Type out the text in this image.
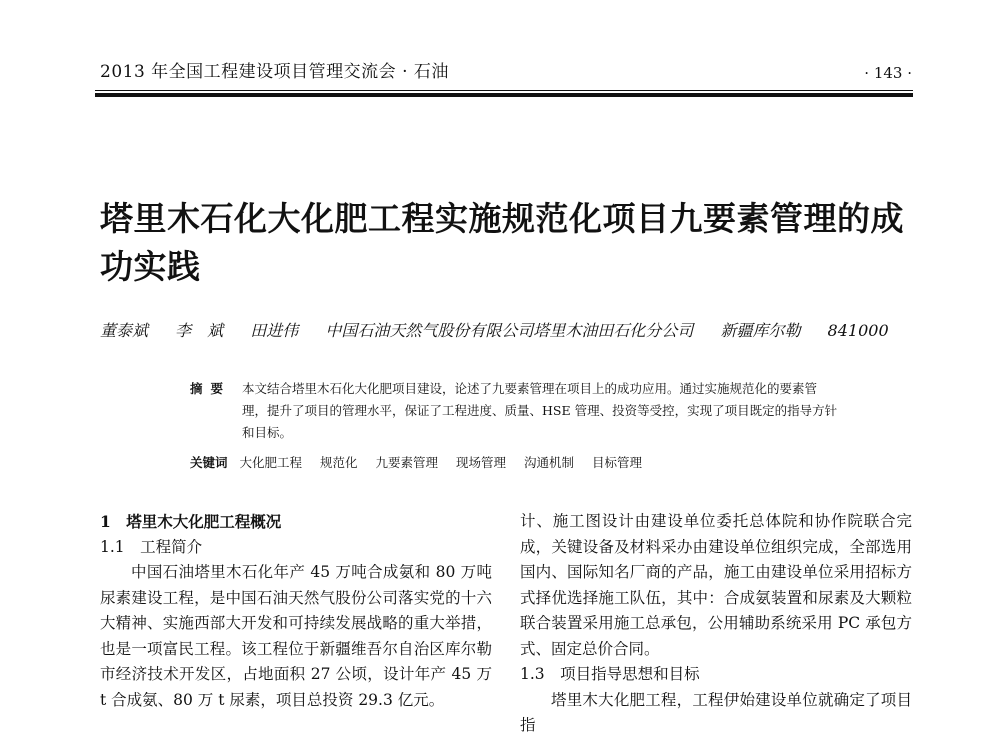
2013 年全国工程建设项目管理交流会 · 石油	· 143 ·
塔里木石化大化肥工程实施规范化项目九要素管理的成功实践
董泰斌 李　斌 田进伟 中国石油天然气股份有限公司塔里木油田石化分公司 新疆库尔勒 841000
摘要 本文结合塔里木石化大化肥项目建设，论述了九要素管理在项目上的成功应用。通过实施规范化的要素管理，提升了项目的管理水平，保证了工程进度、质量、HSE 管理、投资等受控，实现了项目既定的指导方针和目标。
关键词 大化肥工程 规范化 九要素管理 现场管理 沟通机制 目标管理
1　塔里木大化肥工程概况
1.1　工程简介

中国石油塔里木石化年产 45 万吨合成氨和 80 万吨尿素建设工程，是中国石油天然气股份公司落实党的十六大精神、实施西部大开发和可持续发展战略的重大举措，也是一项富民工程。该工程位于新疆维吾尔自治区库尔勒市经济技术开发区，占地面积 27 公顷，设计年产 45 万 t 合成氨、80 万 t 尿素，项目总投资 29.3 亿元。

计、施工图设计由建设单位委托总体院和协作院联合完成，关键设备及材料采办由建设单位组织完成，全部选用国内、国际知名厂商的产品，施工由建设单位采用招标方式择优选择施工队伍，其中：合成氨装置和尿素及大颗粒联合装置采用施工总承包，公用辅助系统采用 PC 承包方式、固定总价合同。

1.3　项目指导思想和目标

塔里木大化肥工程，工程伊始建设单位就确定了项目指
